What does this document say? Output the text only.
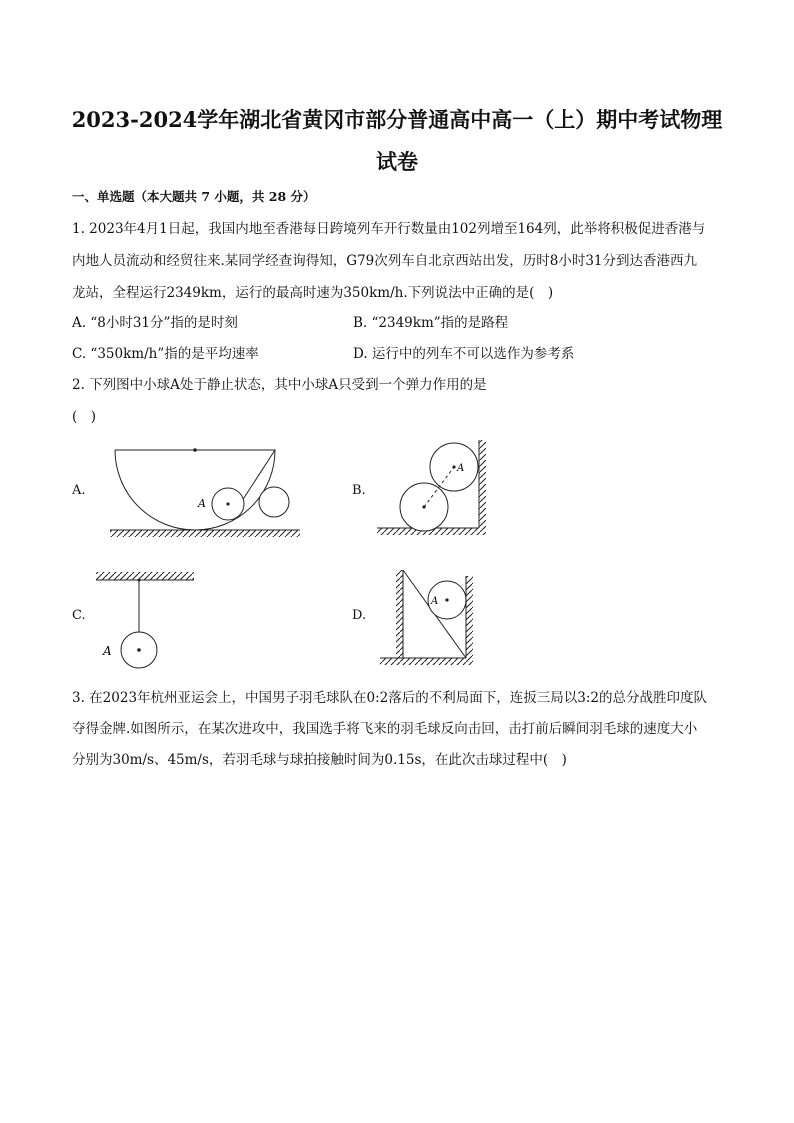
2023-2024学年湖北省黄冈市部分普通高中高一（上）期中考试物理
试卷
一、单选题（本大题共 7 小题，共 28 分）
1. 2023年4月1日起，我国内地至香港每日跨境列车开行数量由102列增至164列，此举将积极促进香港与
内地人员流动和经贸往来.某同学经查询得知，G79次列车自北京西站出发，历时8小时31分到达香港西九
龙站，全程运行2349km，运行的最高时速为350km/h.下列说法中正确的是(　)
A. “8小时31分”指的是时刻	B. “2349km”指的是路程
C. “350km/h”指的是平均速率	D. 运行中的列车不可以选作为参考系
2. 下列图中小球A处于静止状态，其中小球A只受到一个弹力作用的是
(　)
A.	B.
C.	D.
A
A
A
A
3. 在2023年杭州亚运会上，中国男子羽毛球队在0:2落后的不利局面下，连扳三局以3:2的总分战胜印度队
夺得金牌.如图所示，在某次进攻中，我国选手将飞来的羽毛球反向击回，击打前后瞬间羽毛球的速度大小
分别为30m/s、45m/s，若羽毛球与球拍接触时间为0.15s，在此次击球过程中(　)
